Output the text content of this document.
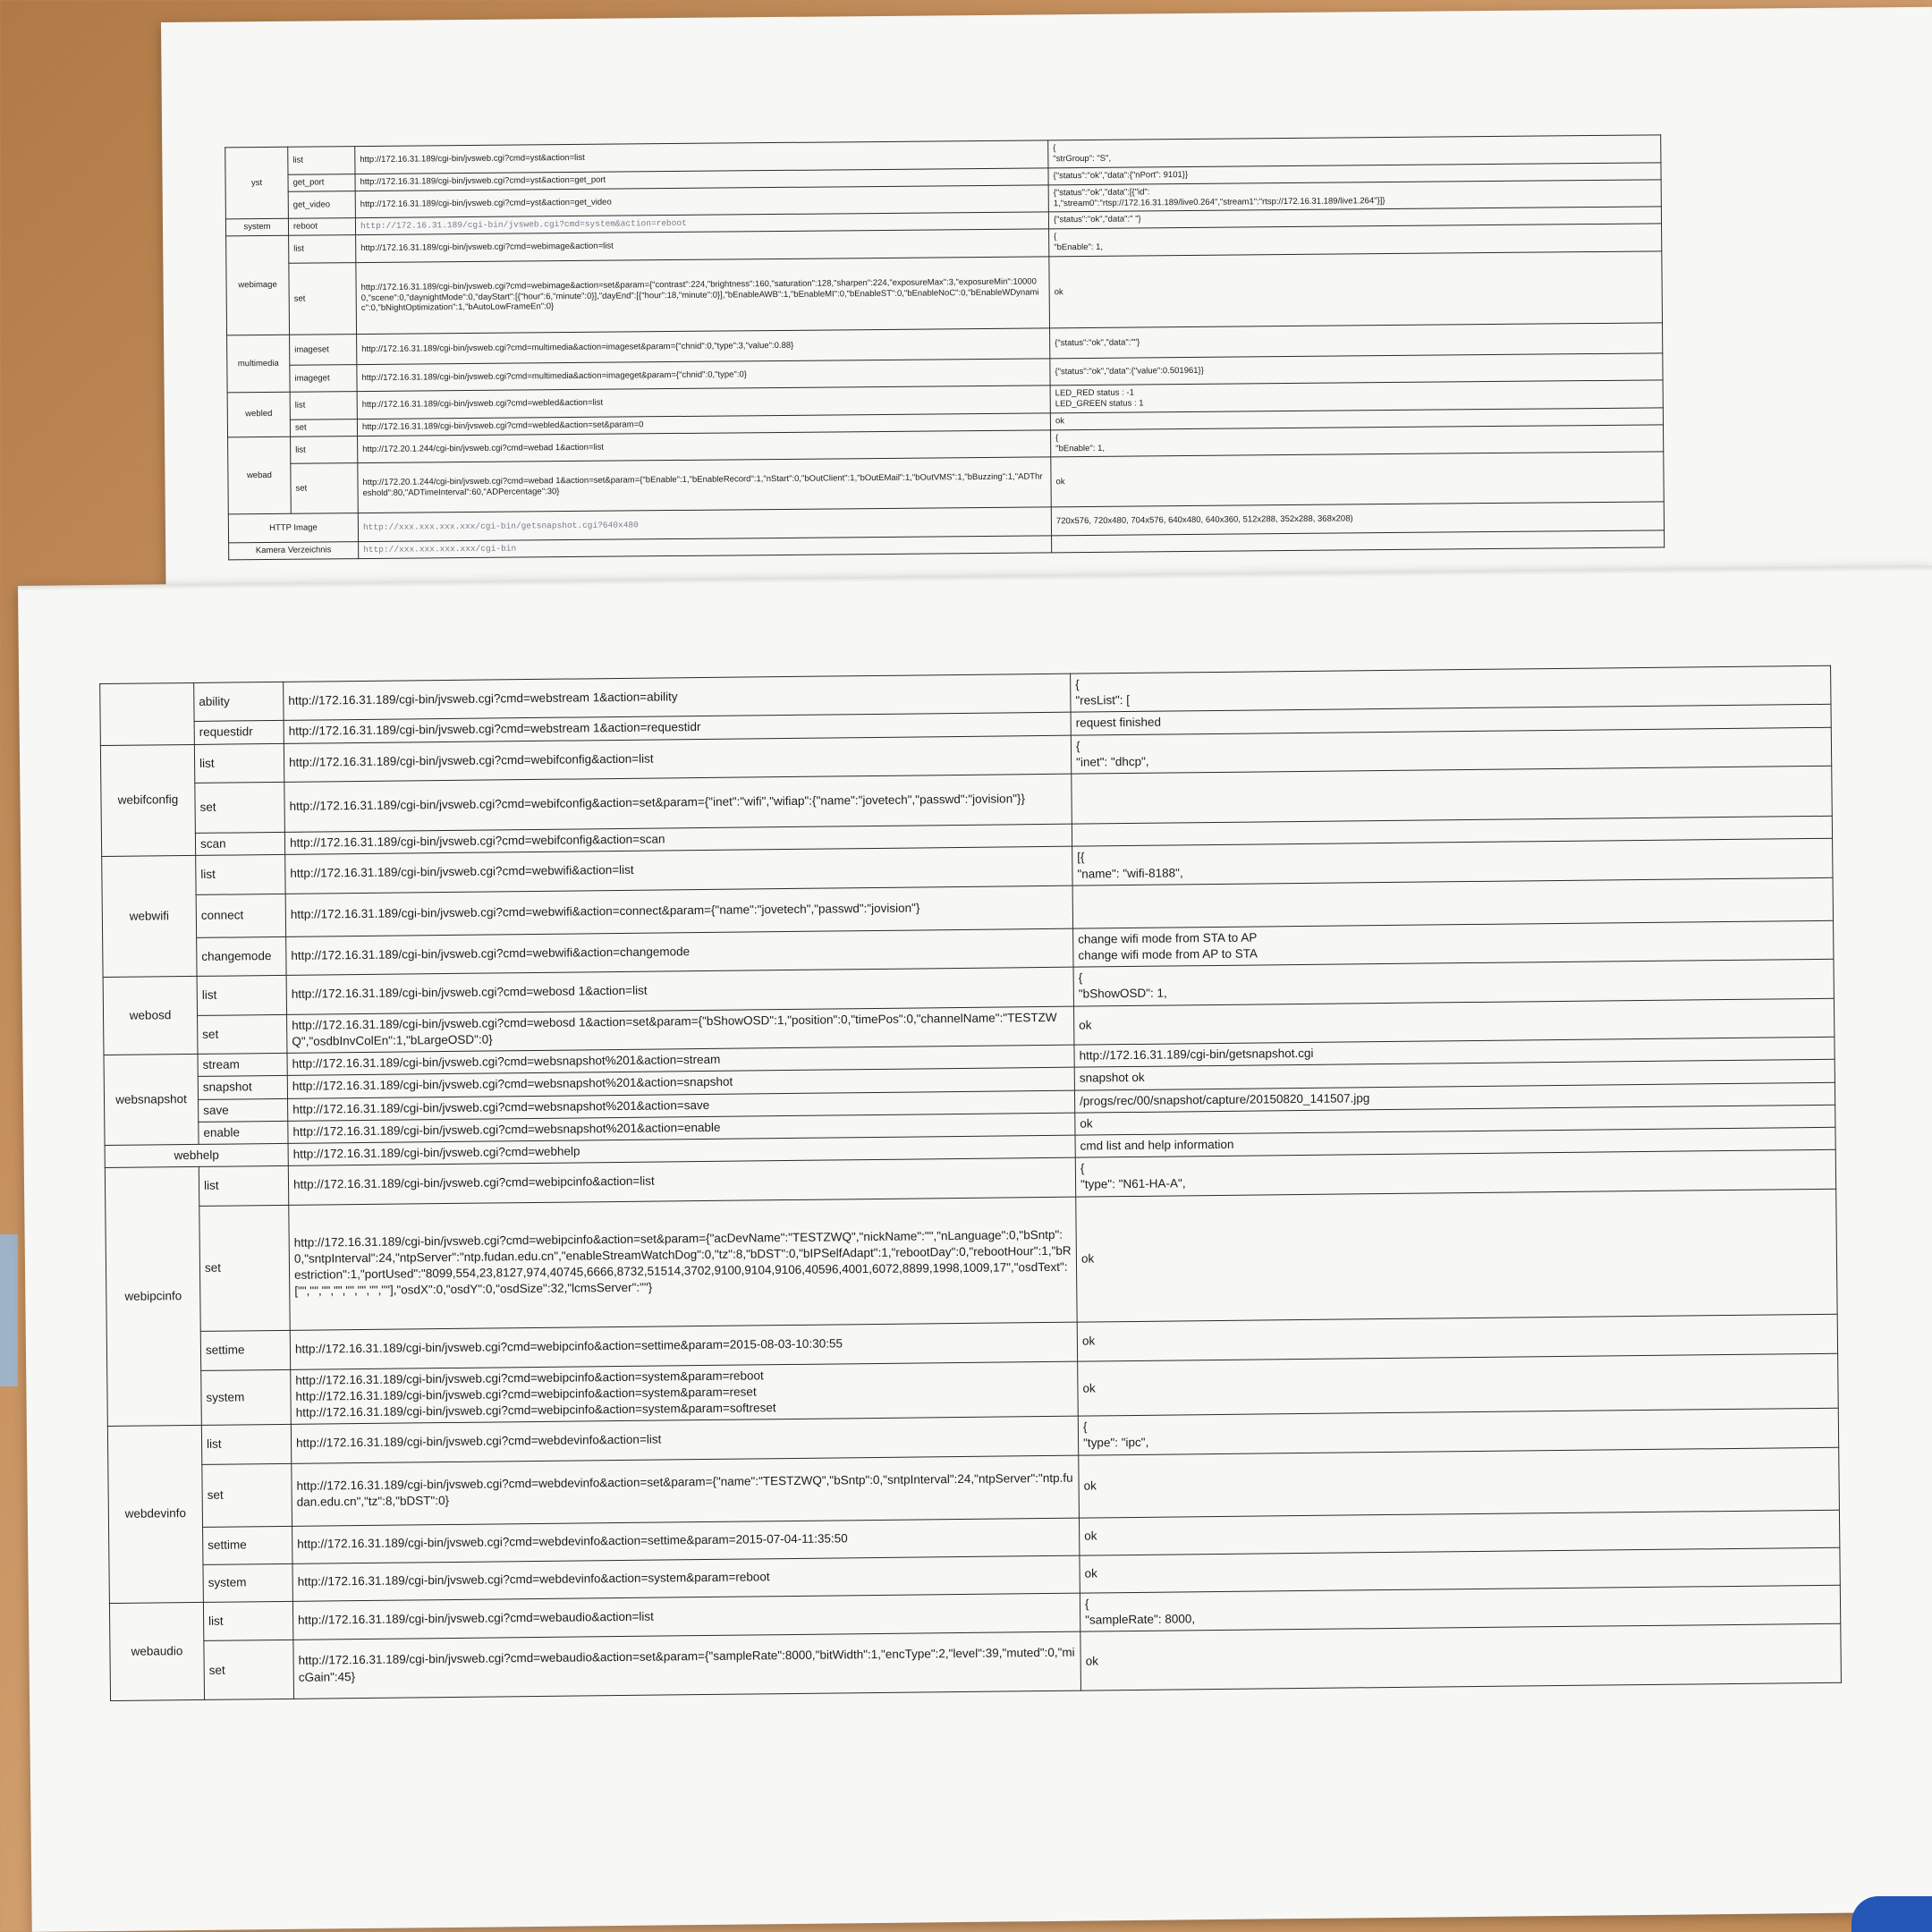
yst	list	http://172.16.31.189/cgi-bin/jvsweb.cgi?cmd=yst&action=list	{
"strGroup": "S",
	get_port	http://172.16.31.189/cgi-bin/jvsweb.cgi?cmd=yst&action=get_port	{"status":"ok","data":{"nPort": 9101}}
	get_video	http://172.16.31.189/cgi-bin/jvsweb.cgi?cmd=yst&action=get_video	{"status":"ok","data":[{"id":
1,"stream0":"rtsp://172.16.31.189/live0.264","stream1":"rtsp://172.16.31.189/live1.264"}]}
system	reboot	http://172.16.31.189/cgi-bin/jvsweb.cgi?cmd=system&action=reboot	{"status":"ok","data":" "}
webimage	list	http://172.16.31.189/cgi-bin/jvsweb.cgi?cmd=webimage&action=list	{
"bEnable": 1,
	set	http://172.16.31.189/cgi-bin/jvsweb.cgi?cmd=webimage&action=set&param={"contrast":224,"brightness":160,"saturation":128,"sharpen":224,"exposureMax":3,"exposureMin":100000,"scene":0,"daynightMode":0,"dayStart":[{"hour":6,"minute":0}],"dayEnd":[{"hour":18,"minute":0}],"bEnableAWB":1,"bEnableMI":0,"bEnableST":0,"bEnableNoC":0,"bEnableWDynamic":0,"bNightOptimization":1,"bAutoLowFrameEn":0}	ok
multimedia	imageset	http://172.16.31.189/cgi-bin/jvsweb.cgi?cmd=multimedia&action=imageset&param={"chnid":0,"type":3,"value":0.88}	{"status":"ok","data":""}
	imageget	http://172.16.31.189/cgi-bin/jvsweb.cgi?cmd=multimedia&action=imageget&param={"chnid":0,"type":0}	{"status":"ok","data":{"value":0.501961}}
webled	list	http://172.16.31.189/cgi-bin/jvsweb.cgi?cmd=webled&action=list	LED_RED status : -1
LED_GREEN status : 1
	set	http://172.16.31.189/cgi-bin/jvsweb.cgi?cmd=webled&action=set&param=0	ok
webad	list	http://172.20.1.244/cgi-bin/jvsweb.cgi?cmd=webad 1&action=list	{
"bEnable": 1,
	set	http://172.20.1.244/cgi-bin/jvsweb.cgi?cmd=webad 1&action=set&param={"bEnable":1,"bEnableRecord":1,"nStart":0,"bOutClient":1,"bOutEMail":1,"bOutVMS":1,"bBuzzing":1,"ADThreshold":80,"ADTimeInterval":60,"ADPercentage":30}	ok
HTTP Image		http://xxx.xxx.xxx.xxx/cgi-bin/getsnapshot.cgi?640x480	720x576, 720x480, 704x576, 640x480, 640x360, 512x288, 352x288, 368x208)
Kamera Verzeichnis		http://xxx.xxx.xxx.xxx/cgi-bin	
	ability	http://172.16.31.189/cgi-bin/jvsweb.cgi?cmd=webstream 1&action=ability	{
"resList": [
	requestidr	http://172.16.31.189/cgi-bin/jvsweb.cgi?cmd=webstream 1&action=requestidr	request finished
webifconfig	list	http://172.16.31.189/cgi-bin/jvsweb.cgi?cmd=webifconfig&action=list	{
"inet": "dhcp",
	set	http://172.16.31.189/cgi-bin/jvsweb.cgi?cmd=webifconfig&action=set&param={"inet":"wifi","wifiap":{"name":"jovetech","passwd":"jovision"}}	
	scan	http://172.16.31.189/cgi-bin/jvsweb.cgi?cmd=webifconfig&action=scan	
webwifi	list	http://172.16.31.189/cgi-bin/jvsweb.cgi?cmd=webwifi&action=list	[{
"name": "wifi-8188",
	connect	http://172.16.31.189/cgi-bin/jvsweb.cgi?cmd=webwifi&action=connect&param={"name":"jovetech","passwd":"jovision"}	
	changemode	http://172.16.31.189/cgi-bin/jvsweb.cgi?cmd=webwifi&action=changemode	change wifi mode from STA to AP
change wifi mode from AP to STA
webosd	list	http://172.16.31.189/cgi-bin/jvsweb.cgi?cmd=webosd 1&action=list	{
"bShowOSD": 1,
	set	http://172.16.31.189/cgi-bin/jvsweb.cgi?cmd=webosd 1&action=set&param={"bShowOSD":1,"position":0,"timePos":0,"channelName":"TESTZWQ","osdbInvColEn":1,"bLargeOSD":0}	ok
websnapshot	stream	http://172.16.31.189/cgi-bin/jvsweb.cgi?cmd=websnapshot%201&action=stream	http://172.16.31.189/cgi-bin/getsnapshot.cgi
	snapshot	http://172.16.31.189/cgi-bin/jvsweb.cgi?cmd=websnapshot%201&action=snapshot	snapshot ok
	save	http://172.16.31.189/cgi-bin/jvsweb.cgi?cmd=websnapshot%201&action=save	/progs/rec/00/snapshot/capture/20150820_141507.jpg
	enable	http://172.16.31.189/cgi-bin/jvsweb.cgi?cmd=websnapshot%201&action=enable	ok
webhelp		http://172.16.31.189/cgi-bin/jvsweb.cgi?cmd=webhelp	cmd list and help information
webipcinfo	list	http://172.16.31.189/cgi-bin/jvsweb.cgi?cmd=webipcinfo&action=list	{
"type": "N61-HA-A",
	set	http://172.16.31.189/cgi-bin/jvsweb.cgi?cmd=webipcinfo&action=set&param={"acDevName":"TESTZWQ","nickName":"","nLanguage":0,"bSntp":0,"sntpInterval":24,"ntpServer":"ntp.fudan.edu.cn","enableStreamWatchDog":0,"tz":8,"bDST":0,"bIPSelfAdapt":1,"rebootDay":0,"rebootHour":1,"bRestriction":1,"portUsed":"8099,554,23,8127,974,40745,6666,8732,51514,3702,9100,9104,9106,40596,4001,6072,8899,1998,1009,17","osdText":["","","","","","","",""],"osdX":0,"osdY":0,"osdSize":32,"lcmsServer":""}	ok
	settime	http://172.16.31.189/cgi-bin/jvsweb.cgi?cmd=webipcinfo&action=settime&param=2015-08-03-10:30:55	ok
	system	http://172.16.31.189/cgi-bin/jvsweb.cgi?cmd=webipcinfo&action=system&param=reboot
http://172.16.31.189/cgi-bin/jvsweb.cgi?cmd=webipcinfo&action=system&param=reset
http://172.16.31.189/cgi-bin/jvsweb.cgi?cmd=webipcinfo&action=system&param=softreset	ok
webdevinfo	list	http://172.16.31.189/cgi-bin/jvsweb.cgi?cmd=webdevinfo&action=list	{
"type": "ipc",
	set	http://172.16.31.189/cgi-bin/jvsweb.cgi?cmd=webdevinfo&action=set&param={"name":"TESTZWQ","bSntp":0,"sntpInterval":24,"ntpServer":"ntp.fudan.edu.cn","tz":8,"bDST":0}	ok
	settime	http://172.16.31.189/cgi-bin/jvsweb.cgi?cmd=webdevinfo&action=settime&param=2015-07-04-11:35:50	ok
	system	http://172.16.31.189/cgi-bin/jvsweb.cgi?cmd=webdevinfo&action=system&param=reboot	ok
webaudio	list	http://172.16.31.189/cgi-bin/jvsweb.cgi?cmd=webaudio&action=list	{
"sampleRate": 8000,
	set	http://172.16.31.189/cgi-bin/jvsweb.cgi?cmd=webaudio&action=set&param={"sampleRate":8000,"bitWidth":1,"encType":2,"level":39,"muted":0,"micGain":45}	ok
